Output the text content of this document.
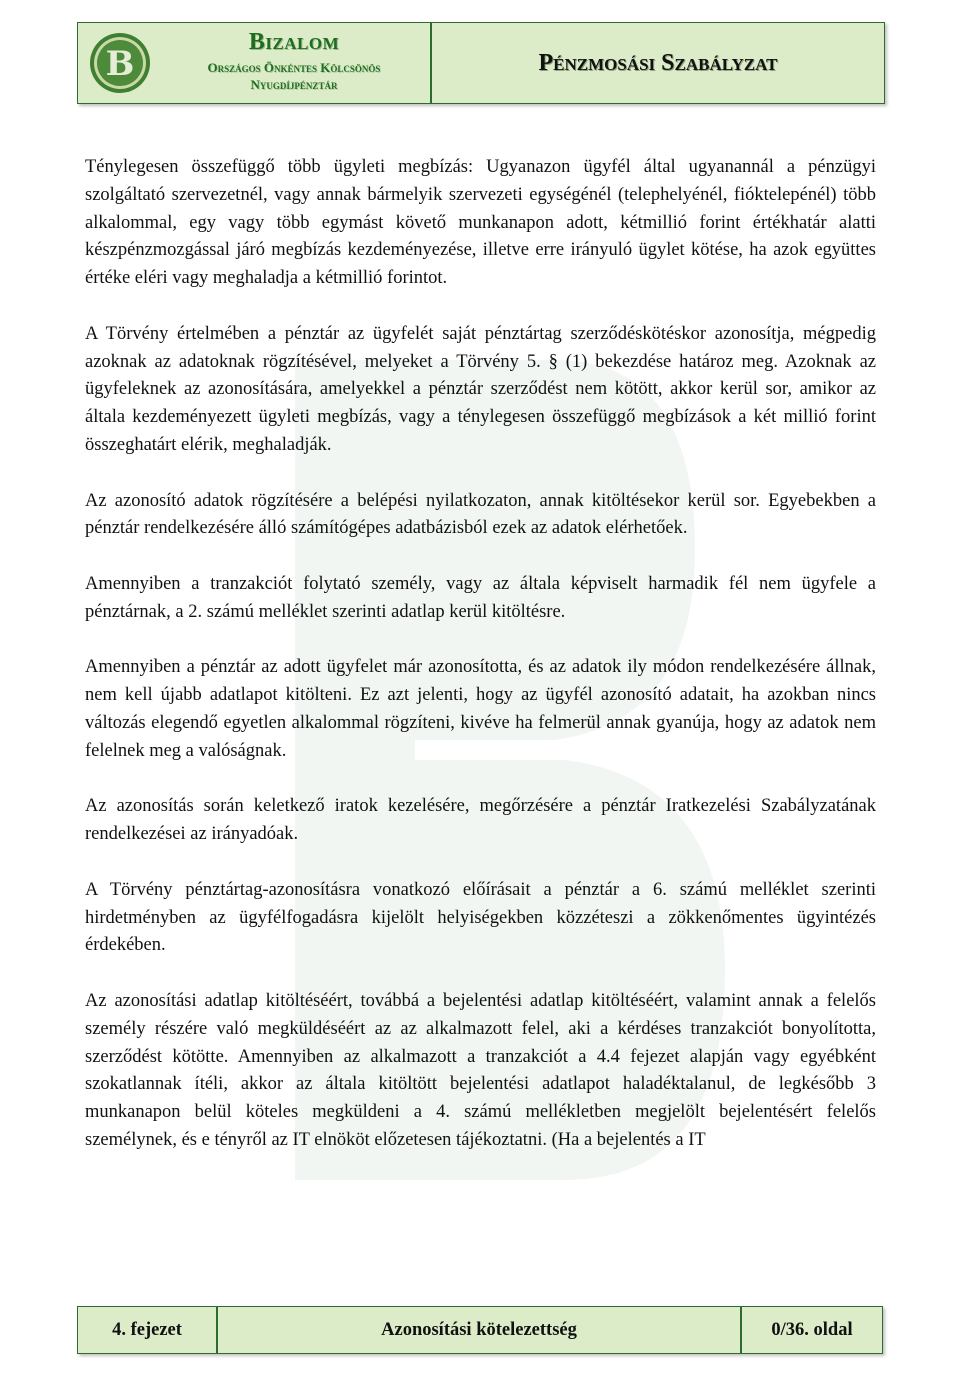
B
Bizalom
Országos Önkéntes Kölcsönös
Nyugdíjpénztár
Pénzmosási Szabályzat

Ténylegesen összefüggő több ügyleti megbízás: Ugyanazon ügyfél által ugyanannál a pénzügyi szolgáltató szervezetnél, vagy annak bármelyik szervezeti egységénél (telephelyénél, fióktelepénél) több alkalommal, egy vagy több egymást követő munkanapon adott, kétmillió forint értékhatár alatti készpénzmozgással járó megbízás kezdeményezése, illetve erre irányuló ügylet kötése, ha azok együttes értéke eléri vagy meghaladja a kétmillió forintot.

A Törvény értelmében a pénztár az ügyfelét saját pénztártag szerződéskötéskor azonosítja, mégpedig azoknak az adatoknak rögzítésével, melyeket a Törvény 5. § (1) bekezdése határoz meg. Azoknak az ügyfeleknek az azonosítására, amelyekkel a pénztár szerződést nem kötött, akkor kerül sor, amikor az általa kezdeményezett ügyleti megbízás, vagy a ténylegesen összefüggő megbízások a két millió forint összeghatárt elérik, meghaladják.

Az azonosító adatok rögzítésére a belépési nyilatkozaton, annak kitöltésekor kerül sor. Egyebekben a pénztár rendelkezésére álló számítógépes adatbázisból ezek az adatok elérhetőek.

Amennyiben a tranzakciót folytató személy, vagy az általa képviselt harmadik fél nem ügyfele a pénztárnak, a 2. számú melléklet szerinti adatlap kerül kitöltésre.

Amennyiben a pénztár az adott ügyfelet már azonosította, és az adatok ily módon rendelkezésére állnak, nem kell újabb adatlapot kitölteni. Ez azt jelenti, hogy az ügyfél azonosító adatait, ha azokban nincs változás elegendő egyetlen alkalommal rögzíteni, kivéve ha felmerül annak gyanúja, hogy az adatok nem felelnek meg a valóságnak.

Az azonosítás során keletkező iratok kezelésére, megőrzésére a pénztár Iratkezelési Szabályzatának rendelkezései az irányadóak.

A Törvény pénztártag-azonosításra vonatkozó előírásait a pénztár a 6. számú melléklet szerinti hirdetményben az ügyfélfogadásra kijelölt helyiségekben közzéteszi a zökkenőmentes ügyintézés érdekében.

Az azonosítási adatlap kitöltéséért, továbbá a bejelentési adatlap kitöltéséért, valamint annak a felelős személy részére való megküldéséért az az alkalmazott felel, aki a kérdéses tranzakciót bonyolította, szerződést kötötte. Amennyiben az alkalmazott a tranzakciót a 4.4 fejezet alapján vagy egyébként szokatlannak ítéli, akkor az általa kitöltött bejelentési adatlapot haladéktalanul, de legkésőbb 3 munkanapon belül köteles megküldeni a 4. számú mellékletben megjelölt bejelentésért felelős személynek, és e tényről az IT elnököt előzetesen tájékoztatni. (Ha a bejelentés a IT

4. fejezet	Azonosítási kötelezettség	0/36. oldal
